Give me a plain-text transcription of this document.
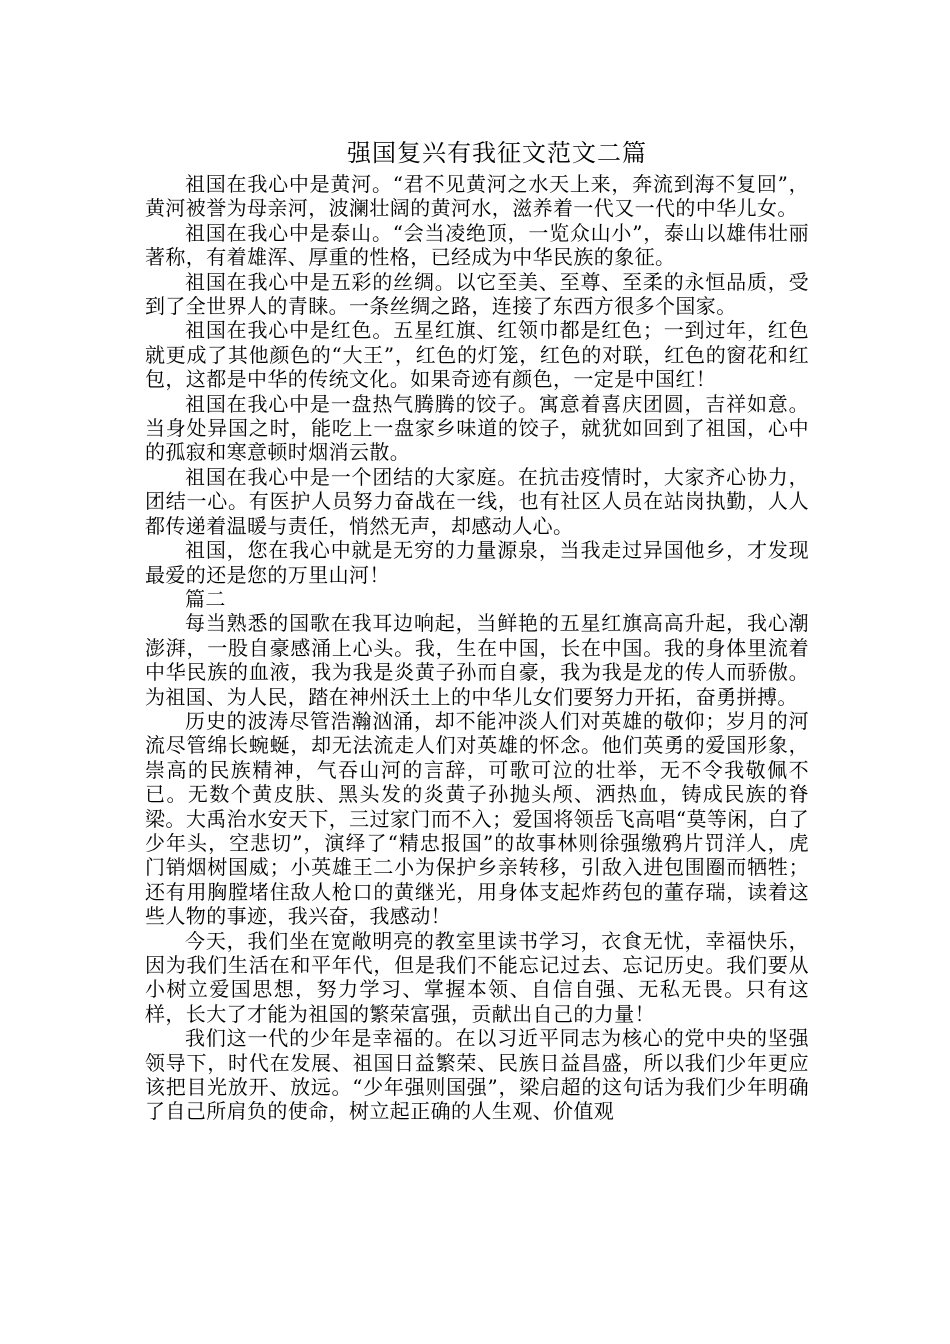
强国复兴有我征文范文二篇

祖国在我心中是黄河。“君不见黄河之水天上来，奔流到海不复回”，黄河被誉为母亲河，波澜壮阔的黄河水，滋养着一代又一代的中华儿女。

祖国在我心中是泰山。“会当凌绝顶，一览众山小”，泰山以雄伟壮丽著称，有着雄浑、厚重的性格，已经成为中华民族的象征。

祖国在我心中是五彩的丝绸。以它至美、至尊、至柔的永恒品质，受到了全世界人的青睐。一条丝绸之路，连接了东西方很多个国家。

祖国在我心中是红色。五星红旗、红领巾都是红色；一到过年，红色就更成了其他颜色的“大王”，红色的灯笼，红色的对联，红色的窗花和红包，这都是中华的传统文化。如果奇迹有颜色，一定是中国红！

祖国在我心中是一盘热气腾腾的饺子。寓意着喜庆团圆，吉祥如意。当身处异国之时，能吃上一盘家乡味道的饺子，就犹如回到了祖国，心中的孤寂和寒意顿时烟消云散。

祖国在我心中是一个团结的大家庭。在抗击疫情时，大家齐心协力，团结一心。有医护人员努力奋战在一线，也有社区人员在站岗执勤，人人都传递着温暖与责任，悄然无声，却感动人心。

祖国，您在我心中就是无穷的力量源泉，当我走过异国他乡，才发现最爱的还是您的万里山河！

篇二

每当熟悉的国歌在我耳边响起，当鲜艳的五星红旗高高升起，我心潮澎湃，一股自豪感涌上心头。我，生在中国，长在中国。我的身体里流着中华民族的血液，我为我是炎黄子孙而自豪，我为我是龙的传人而骄傲。为祖国、为人民，踏在神州沃土上的中华儿女们要努力开拓，奋勇拼搏。

历史的波涛尽管浩瀚汹涌，却不能冲淡人们对英雄的敬仰；岁月的河流尽管绵长蜿蜒，却无法流走人们对英雄的怀念。他们英勇的爱国形象，崇高的民族精神，气吞山河的言辞，可歌可泣的壮举，无不令我敬佩不已。无数个黄皮肤、黑头发的炎黄子孙抛头颅、洒热血，铸成民族的脊梁。大禹治水安天下，三过家门而不入；爱国将领岳飞高唱“莫等闲，白了少年头，空悲切”，演绎了“精忠报国”的故事林则徐强缴鸦片罚洋人，虎门销烟树国威；小英雄王二小为保护乡亲转移，引敌入进包围圈而牺牲；还有用胸膛堵住敌人枪口的黄继光，用身体支起炸药包的董存瑞，读着这些人物的事迹，我兴奋，我感动！

今天，我们坐在宽敞明亮的教室里读书学习，衣食无忧，幸福快乐，因为我们生活在和平年代，但是我们不能忘记过去、忘记历史。我们要从小树立爱国思想，努力学习、掌握本领、自信自强、无私无畏。只有这样，长大了才能为祖国的繁荣富强，贡献出自己的力量！

我们这一代的少年是幸福的。在以习近平同志为核心的党中央的坚强领导下，时代在发展、祖国日益繁荣、民族日益昌盛，所以我们少年更应该把目光放开、放远。“少年强则国强”，梁启超的这句话为我们少年明确了自己所肩负的使命，树立起正确的人生观、价值观
